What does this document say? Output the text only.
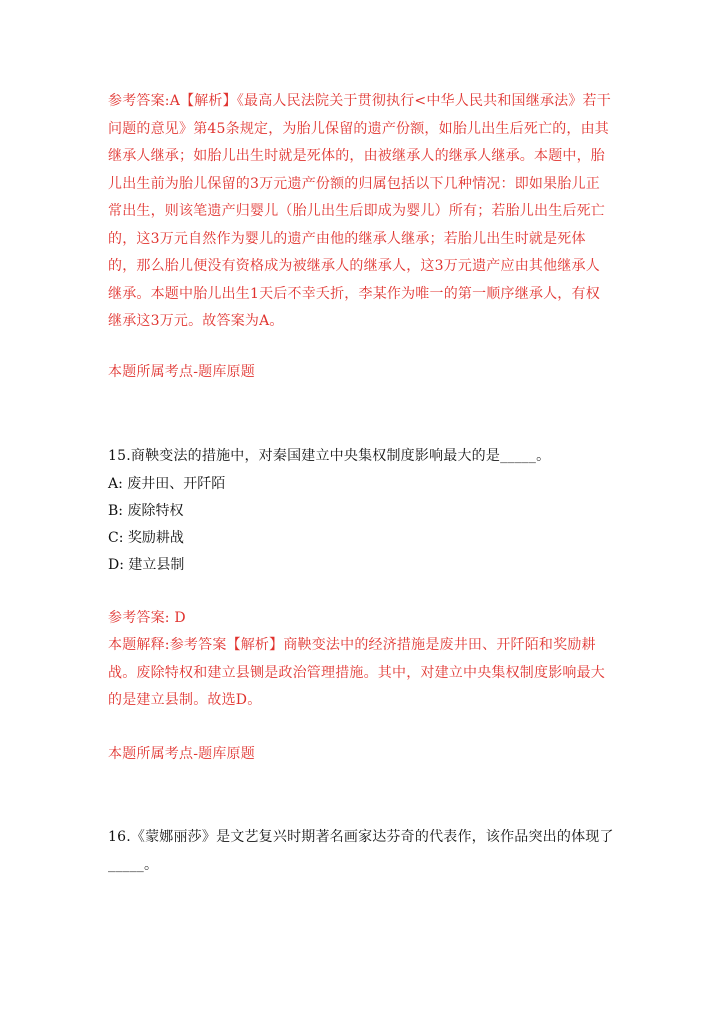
参考答案:A【解析】《最高人民法院关于贯彻执行<中华人民共和国继承法》若干问题的意见》第45条规定，为胎儿保留的遗产份额，如胎儿出生后死亡的，由其继承人继承；如胎儿出生时就是死体的，由被继承人的继承人继承。本题中，胎儿出生前为胎儿保留的3万元遗产份额的归属包括以下几种情况：即如果胎儿正常出生，则该笔遗产归婴儿（胎儿出生后即成为婴儿）所有；若胎儿出生后死亡的，这3万元自然作为婴儿的遗产由他的继承人继承；若胎儿出生时就是死体的，那么胎儿便没有资格成为被继承人的继承人，这3万元遗产应由其他继承人继承。本题中胎儿出生1天后不幸夭折，李某作为唯一的第一顺序继承人，有权继承这3万元。故答案为A。

本题所属考点-题库原题

15.商鞅变法的措施中，对秦国建立中央集权制度影响最大的是_____。

A: 废井田、开阡陌

B: 废除特权

C: 奖励耕战

D: 建立县制

参考答案: D

本题解释:参考答案【解析】商鞅变法中的经济措施是废井田、开阡陌和奖励耕战。废除特权和建立县铡是政治管理措施。其中，对建立中央集权制度影响最大的是建立县制。故选D。

本题所属考点-题库原题

16.《蒙娜丽莎》是文艺复兴时期著名画家达芬奇的代表作，该作品突出的体现了_____。
